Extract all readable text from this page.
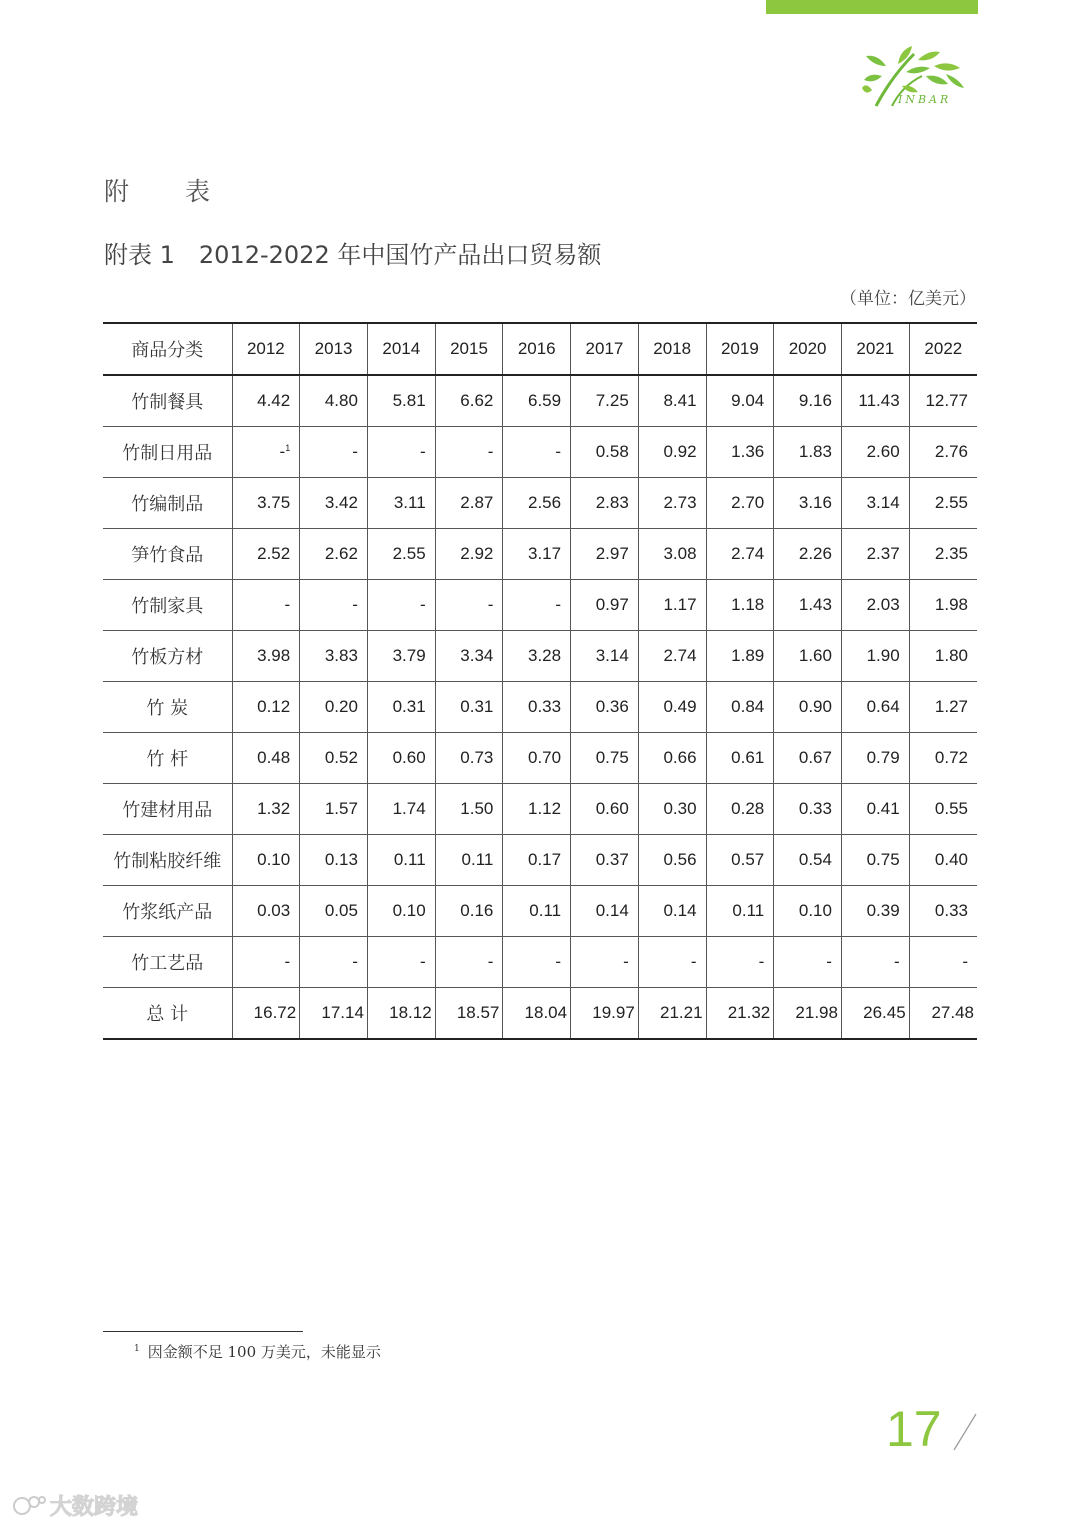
INBAR
附 表
附表 1　2012-2022 年中国竹产品出口贸易额
（单位：亿美元）
商品分类	2012	2013	2014	2015	2016	2017	2018	2019	2020	2021	2022
竹制餐具	4.42	4.80	5.81	6.62	6.59	7.25	8.41	9.04	9.16	11.43	12.77
竹制日用品	-$^1$	-	-	-	-	0.58	0.92	1.36	1.83	2.60	2.76
竹编制品	3.75	3.42	3.11	2.87	2.56	2.83	2.73	2.70	3.16	3.14	2.55
笋竹食品	2.52	2.62	2.55	2.92	3.17	2.97	3.08	2.74	2.26	2.37	2.35
竹制家具	-	-	-	-	-	0.97	1.17	1.18	1.43	2.03	1.98
竹板方材	3.98	3.83	3.79	3.34	3.28	3.14	2.74	1.89	1.60	1.90	1.80
竹 炭	0.12	0.20	0.31	0.31	0.33	0.36	0.49	0.84	0.90	0.64	1.27
竹 杆	0.48	0.52	0.60	0.73	0.70	0.75	0.66	0.61	0.67	0.79	0.72
竹建材用品	1.32	1.57	1.74	1.50	1.12	0.60	0.30	0.28	0.33	0.41	0.55
竹制粘胶纤维	0.10	0.13	0.11	0.11	0.17	0.37	0.56	0.57	0.54	0.75	0.40
竹浆纸产品	0.03	0.05	0.10	0.16	0.11	0.14	0.14	0.11	0.10	0.39	0.33
竹工艺品	-	-	-	-	-	-	-	-	-	-	-
总 计	16.72	17.14	18.12	18.57	18.04	19.97	21.21	21.32	21.98	26.45	27.48
$^1$ 因金额不足 100 万美元，未能显示
17
大数跨境
